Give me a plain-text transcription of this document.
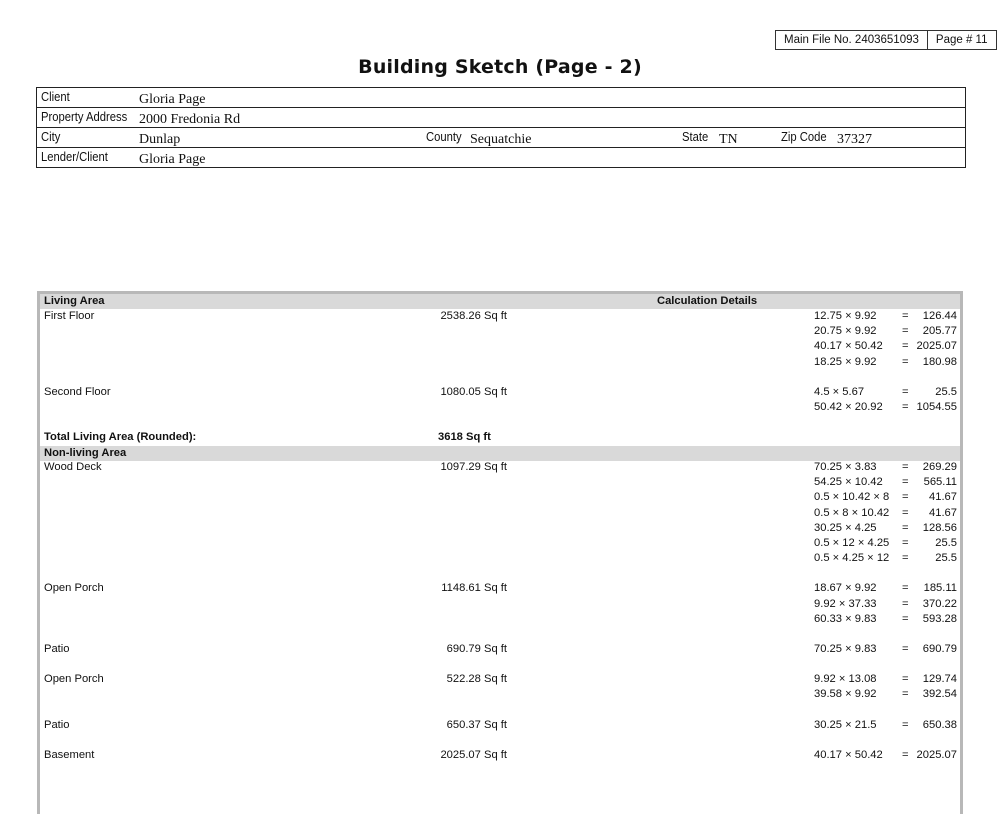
Main File No. 2403651093	Page # 11
Building Sketch (Page - 2)
Client	Gloria Page
Property Address 2000 Fredonia Rd
City	Dunlap	County Sequatchie	State TN	Zip Code 37327
Lender/Client Gloria Page
Living Area	Calculation Details
First Floor	2538.26 Sq ft	12.75 × 9.92 =	126.44
20.75 × 9.92 =	205.77
40.17 × 50.42 = 2025.07
18.25 × 9.92 =	180.98
Second Floor	1080.05 Sq ft	4.5 × 5.67	=	25.5
50.42 × 20.92 = 1054.55
Total Living Area (Rounded):	3618 Sq ft
Non-living Area
Wood Deck	1097.29 Sq ft	70.25 × 3.83 =	269.29
54.25 × 10.42 =	565.11
0.5 × 10.42 × 8 =	41.67
0.5 × 8 × 10.42 =	41.67
30.25 × 4.25 =	128.56
0.5 × 12 × 4.25 =	25.5
0.5 × 4.25 × 12 =	25.5
Open Porch	1148.61 Sq ft	18.67 × 9.92 =	185.11
9.92 × 37.33 =	370.22
60.33 × 9.83 =	593.28
Patio	690.79 Sq ft	70.25 × 9.83 =	690.79
Open Porch	522.28 Sq ft	9.92 × 13.08 =	129.74
39.58 × 9.92 =	392.54
Patio	650.37 Sq ft	30.25 × 21.5 =	650.38
Basement	2025.07 Sq ft	40.17 × 50.42 = 2025.07
